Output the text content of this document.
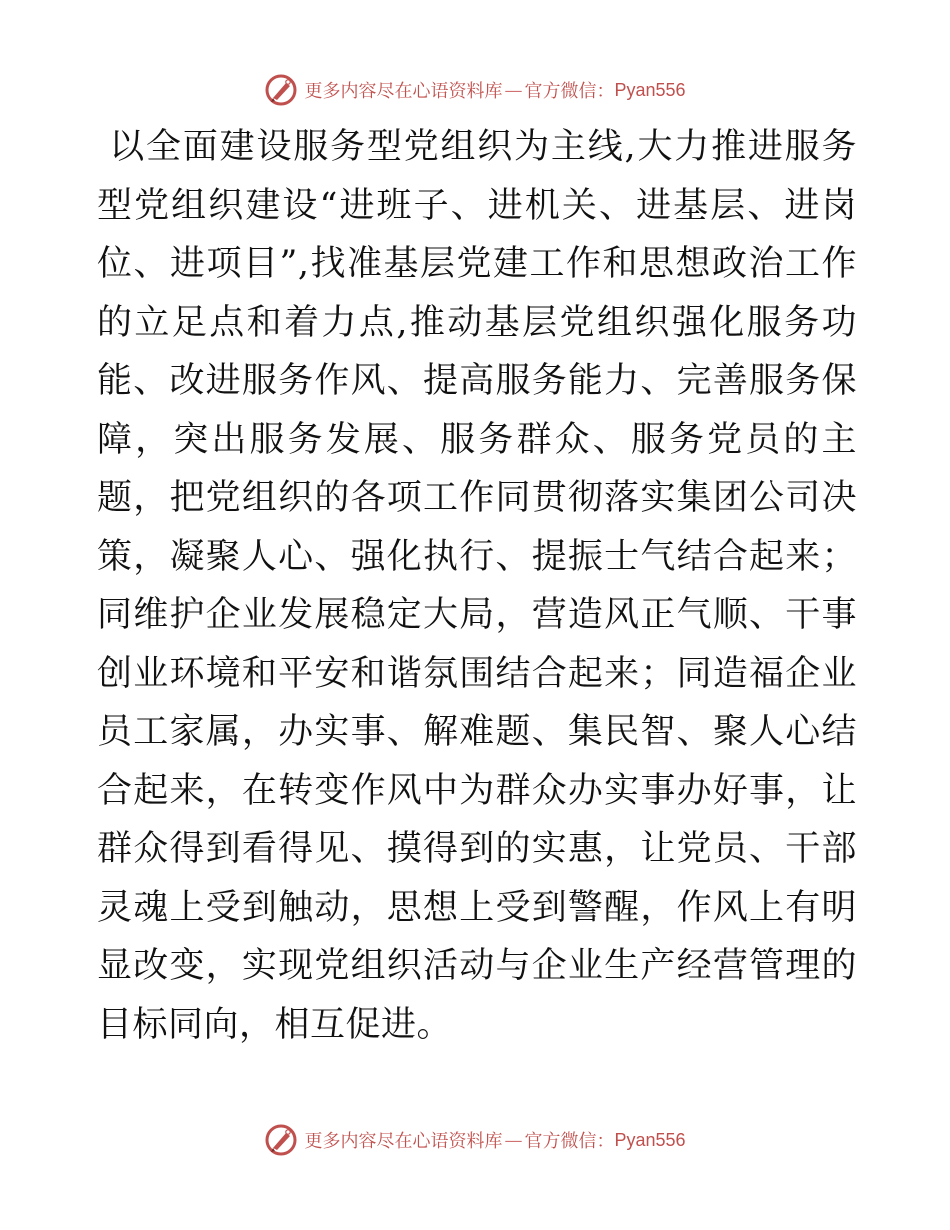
更多内容尽在心语资料库 — 官方微信： Pyan556

以全面建设服务型党组织为主线,大力推进服务型党组织建设“进班子、进机关、进基层、进岗位、进项目”,找准基层党建工作和思想政治工作的立足点和着力点,推动基层党组织强化服务功能、改进服务作风、提高服务能力、完善服务保障，突出服务发展、服务群众、服务党员的主题，把党组织的各项工作同贯彻落实集团公司决策，凝聚人心、强化执行、提振士气结合起来；同维护企业发展稳定大局，营造风正气顺、干事创业环境和平安和谐氛围结合起来；同造福企业员工家属，办实事、解难题、集民智、聚人心结合起来，在转变作风中为群众办实事办好事，让群众得到看得见、摸得到的实惠，让党员、干部灵魂上受到触动，思想上受到警醒，作风上有明显改变，实现党组织活动与企业生产经营管理的目标同向，相互促进。

更多内容尽在心语资料库 — 官方微信： Pyan556
